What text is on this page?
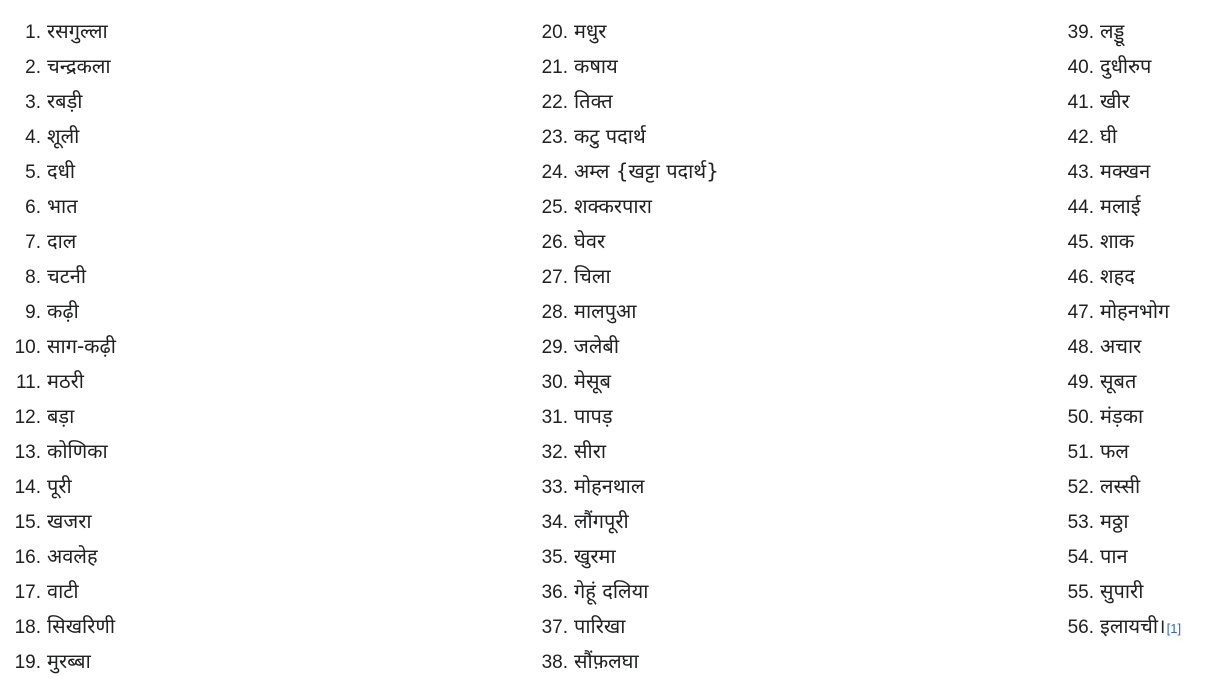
1. रसगुल्ला
2. चन्द्रकला
3. रबड़ी
4. शूली
5. दधी
6. भात
7. दाल
8. चटनी
9. कढ़ी
10. साग-कढ़ी
11. मठरी
12. बड़ा
13. कोणिका
14. पूरी
15. खजरा
16. अवलेह
17. वाटी
18. सिखरिणी
19. मुरब्बा
20. मधुर
21. कषाय
22. तिक्त
23. कटु पदार्थ
24. अम्ल {खट्टा पदार्थ}
25. शक्करपारा
26. घेवर
27. चिला
28. मालपुआ
29. जलेबी
30. मेसूब
31. पापड़
32. सीरा
33. मोहनथाल
34. लौंगपूरी
35. खुरमा
36. गेहूं दलिया
37. पारिखा
38. सौंफ़लघा
39. लड्डू
40. दुधीरुप
41. खीर
42. घी
43. मक्खन
44. मलाई
45. शाक
46. शहद
47. मोहनभोग
48. अचार
49. सूबत
50. मंड़का
51. फल
52. लस्सी
53. मठ्ठा
54. पान
55. सुपारी
56. इलायची। [1]
